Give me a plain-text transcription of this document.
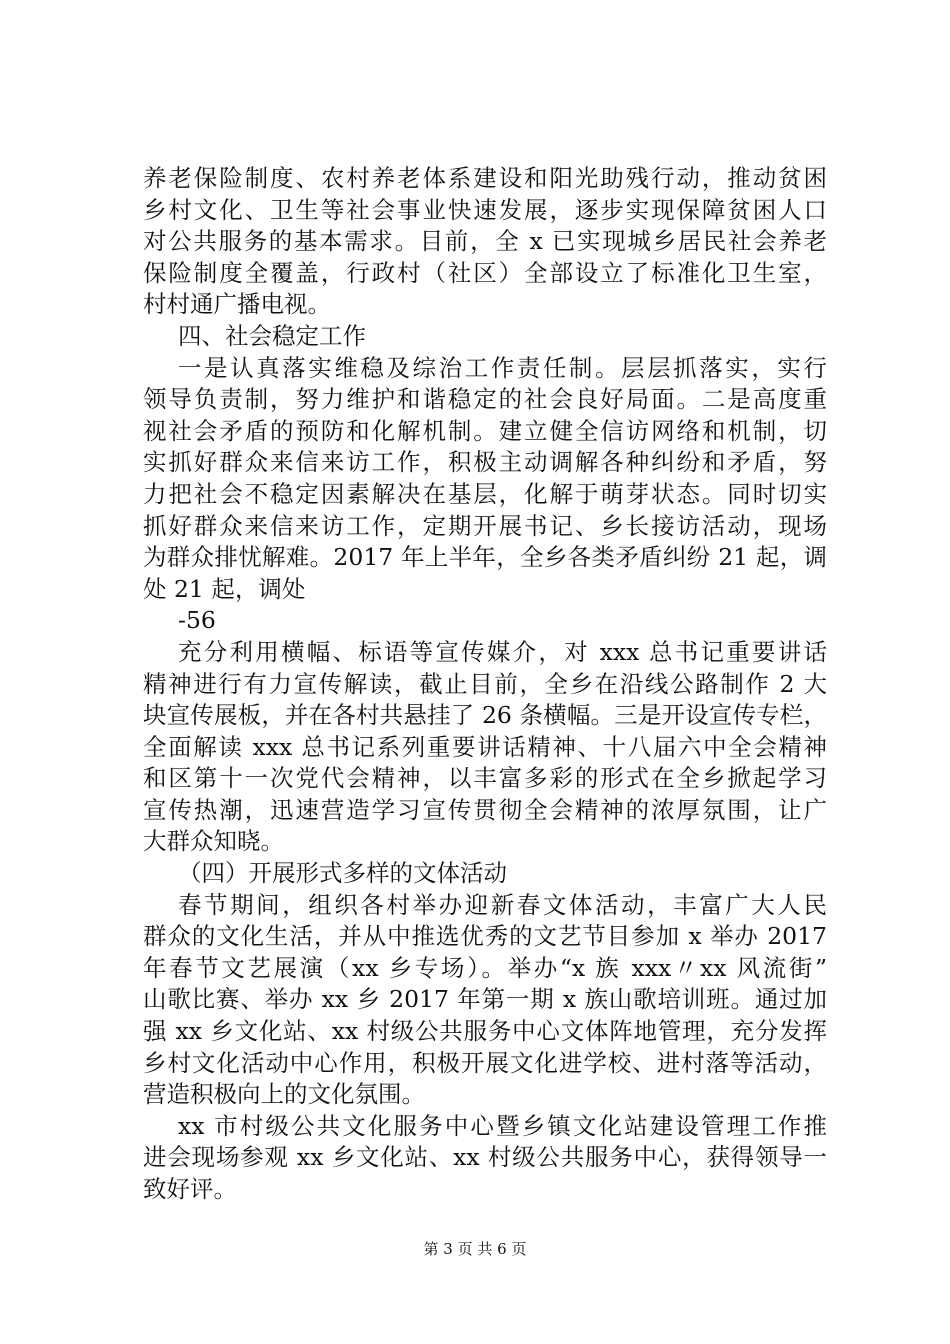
养老保险制度、农村养老体系建设和阳光助残行动，推动贫困
乡村文化、卫生等社会事业快速发展，逐步实现保障贫困人口
对公共服务的基本需求。目前，全 x 已实现城乡居民社会养老
保险制度全覆盖，行政村（社区）全部设立了标准化卫生室，
村村通广播电视。
四、社会稳定工作
一是认真落实维稳及综治工作责任制。层层抓落实，实行
领导负责制，努力维护和谐稳定的社会良好局面。二是高度重
视社会矛盾的预防和化解机制。建立健全信访网络和机制，切
实抓好群众来信来访工作，积极主动调解各种纠纷和矛盾，努
力把社会不稳定因素解决在基层，化解于萌芽状态。同时切实
抓好群众来信来访工作，定期开展书记、乡长接访活动，现场
为群众排忧解难。2017 年上半年，全乡各类矛盾纠纷 21 起，调
处 21 起，调处
-56
充分利用横幅、标语等宣传媒介，对 xxx 总书记重要讲话
精神进行有力宣传解读，截止目前，全乡在沿线公路制作 2 大
块宣传展板，并在各村共悬挂了 26 条横幅。三是开设宣传专栏，
全面解读 xxx 总书记系列重要讲话精神、十八届六中全会精神
和区第十一次党代会精神，以丰富多彩的形式在全乡掀起学习
宣传热潮，迅速营造学习宣传贯彻全会精神的浓厚氛围，让广
大群众知晓。
（四）开展形式多样的文体活动
春节期间，组织各村举办迎新春文体活动，丰富广大人民
群众的文化生活，并从中推选优秀的文艺节目参加 x 举办 2017
年春节文艺展演（xx 乡专场）。举办“x 族 xxx〃xx 风流街”
山歌比赛、举办 xx 乡 2017 年第一期 x 族山歌培训班。通过加
强 xx 乡文化站、xx 村级公共服务中心文体阵地管理，充分发挥
乡村文化活动中心作用，积极开展文化进学校、进村落等活动，
营造积极向上的文化氛围。
xx 市村级公共文化服务中心暨乡镇文化站建设管理工作推
进会现场参观 xx 乡文化站、xx 村级公共服务中心，获得领导一
致好评。
第 3 页 共 6 页
